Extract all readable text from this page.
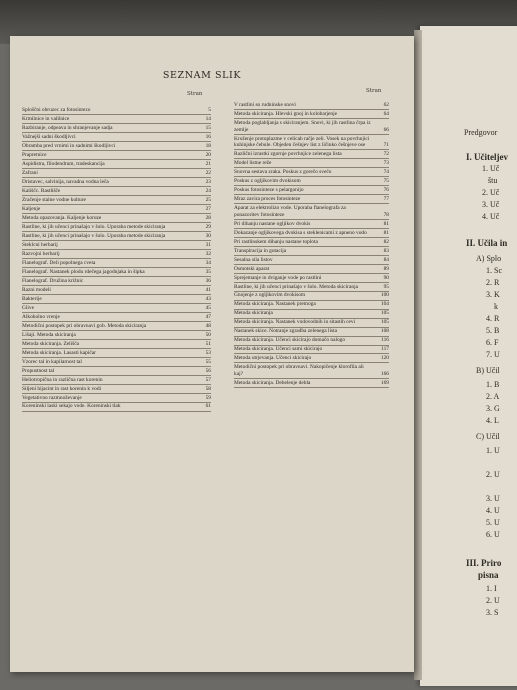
Predgovor
I. Učiteljev
1. Uč
štu
2. Uč
3. Uč
4. Uč
II. Učila in
A) Splo
1. Sc
2. R
3. K
k
4. R
5. B
6. F
7. U
B) Učil
1. B
2. A
3. G
4. L
C) Učil
1. U
2. U
3. U
4. U
5. U
6. U
III. Priro
pisna
1. I
2. U
3. S
SEZNAM SLIK
Stran	Stran
Sploščni obruzec za fotosintezo	5
Krmilnice in valilnice	14
Razbiranje, odpeava in shranjevanje sadja	15
Važnejši sadni škodljivci	16
Obramba pred vrnimi in sadnimi škodljivci	18
Prapretnice	20
Aspidistra, filodendrum, tradeskancija	21
Zafrani	22
Dristavec, salvinija, navadna vodna leča	23
Kališčc. Rastlišče	24
Zračenje stalne vodne kulture	25
Kaljenje	27
Metoda opazovanja. Kaljenje koruze	28
Rastline, ki jih učenci prinašajo v šolo. Uporaba metode skiciranja	29
Rastline, ki jih učenci prinašajo v šolo. Uporaba metode skiciranja	30
Steklcni herbarij	31
Razvojni herbarij	32
Flanelograf. Deli popolnega cveta	34
Flanelograf. Nastanek plodu rdečega jagodnjaka in šipka	35
Flanelograf. Družina križnic	36
Razni modeli	41
Bakterije	43
Glive	45
Alkoholno vrenje	47
Metodični postopek pri obravnavi gob. Metoda skiciranja	48
Lišaji. Metoda skiciranja	50
Metoda skiciranja. Zeliščа	51
Metoda skiciranja. Lasasti kapičar	53
Vzorec tal in kapilarnost tal	55
Propustnost tal	56
Heliotropična in različna rast korenin	57
Siljeni hijacint in rast korenin k vodi	58
Vegetativno razmnoževanje	59
Koreninski laski sekajo vode. Koreninski tlak	61
V rastlini so rudninske snovi	62
Metoda skiciranja. Hlevski gnoj in kolobarjenje	64
Metoda poglabljanja s skiciranjem. Snovi, ki jih rastlina črpa iz zemlje	66
Kroženje protoplazme v celicah račje zeli. Vosek na povrhnjici kuhinjske čebule. Objeden češnjev list z ličinko češnjeve ose	71
Različni izrastki zgornje povrhnjice zelenega lista	72
Model listne reže	73
Snovna sestava zraka. Poskus z gorečo svečo	74
Poskus z ogljikovim dvokisom	75
Poskus fotosinteze s pelargonijo	76
Mraz zavira proces fotosinteze	77
Aparat za elektrolizo vode. Uporaba flanelografa za ponazoritev fotosinteze	78
Pri dihanju nastane ogljikov dvokis	81
Dokazanje ogljikovega dvokisa s steklenicami z apneno vodo	81
Pri rastlinskem dihanju nastane toplota	82
Transpiracija in gutacija	83
Sesalna sila listov	84
Osmotski aparat	89
Sprejemanje in dviganje vode po rastlini	90
Rastline, ki jih učenci prinašajo v šolo. Metoda skiciranja	95
Gnojenje z ogljikovim dvokisom	100
Metoda skiciranja. Nastanek premoga	104
Metoda skiciranja	105
Metoda skiciranja. Nastanek vodovodnih in sitastih cevi	105
Nastanek skice. Notranje zgradba zelenega lista	108
Metoda skiciranja. Učenci skicirajo domačo nalogo	116
Metoda skiciranja. Učenci sami skicirajo	117
Metoda utrjevanja. Učenci skicirajo	120
Metodični postopek pri obravnavi. Nakopičenje klorofila ali kaj?	166
Metoda skiciranja. Debelenje debla	169
